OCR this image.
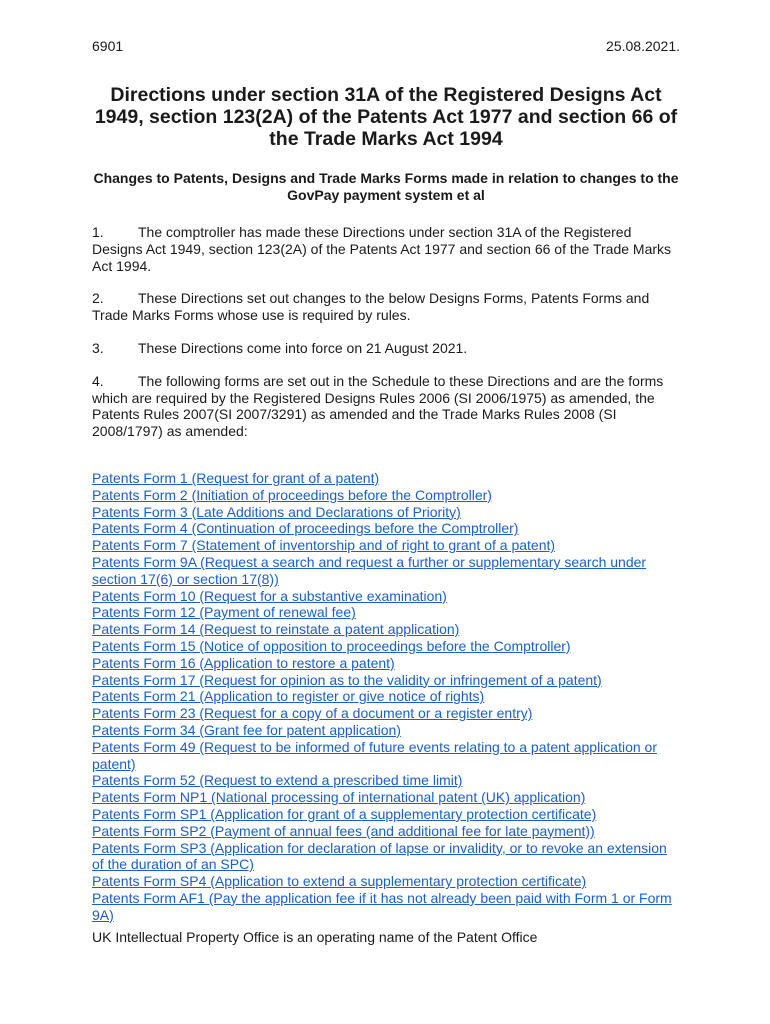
6901	25.08.2021.
Directions under section 31A of the Registered Designs Act 1949, section 123(2A) of the Patents Act 1977 and section 66 of the Trade Marks Act 1994
Changes to Patents, Designs and Trade Marks Forms made in relation to changes to the GovPay payment system et al

1. The comptroller has made these Directions under section 31A of the Registered Designs Act 1949, section 123(2A) of the Patents Act 1977 and section 66 of the Trade Marks Act 1994.

2. These Directions set out changes to the below Designs Forms, Patents Forms and Trade Marks Forms whose use is required by rules.

3. These Directions come into force on 21 August 2021.

4. The following forms are set out in the Schedule to these Directions and are the forms which are required by the Registered Designs Rules 2006 (SI 2006/1975) as amended, the Patents Rules 2007(SI 2007/3291) as amended and the Trade Marks Rules 2008 (SI 2008/1797) as amended:

Patents Form 1 (Request for grant of a patent)
Patents Form 2 (Initiation of proceedings before the Comptroller)
Patents Form 3 (Late Additions and Declarations of Priority)
Patents Form 4 (Continuation of proceedings before the Comptroller)
Patents Form 7 (Statement of inventorship and of right to grant of a patent)
Patents Form 9A (Request a search and request a further or supplementary search under section 17(6) or section 17(8))
Patents Form 10 (Request for a substantive examination)
Patents Form 12 (Payment of renewal fee)
Patents Form 14 (Request to reinstate a patent application)
Patents Form 15 (Notice of opposition to proceedings before the Comptroller)
Patents Form 16 (Application to restore a patent)
Patents Form 17 (Request for opinion as to the validity or infringement of a patent)
Patents Form 21 (Application to register or give notice of rights)
Patents Form 23 (Request for a copy of a document or a register entry)
Patents Form 34 (Grant fee for patent application)
Patents Form 49 (Request to be informed of future events relating to a patent application or patent)
Patents Form 52 (Request to extend a prescribed time limit)
Patents Form NP1 (National processing of international patent (UK) application)
Patents Form SP1 (Application for grant of a supplementary protection certificate)
Patents Form SP2 (Payment of annual fees (and additional fee for late payment))
Patents Form SP3 (Application for declaration of lapse or invalidity, or to revoke an extension of the duration of an SPC)
Patents Form SP4 (Application to extend a supplementary protection certificate)
Patents Form AF1 (Pay the application fee if it has not already been paid with Form 1 or Form 9A)

UK Intellectual Property Office is an operating name of the Patent Office
